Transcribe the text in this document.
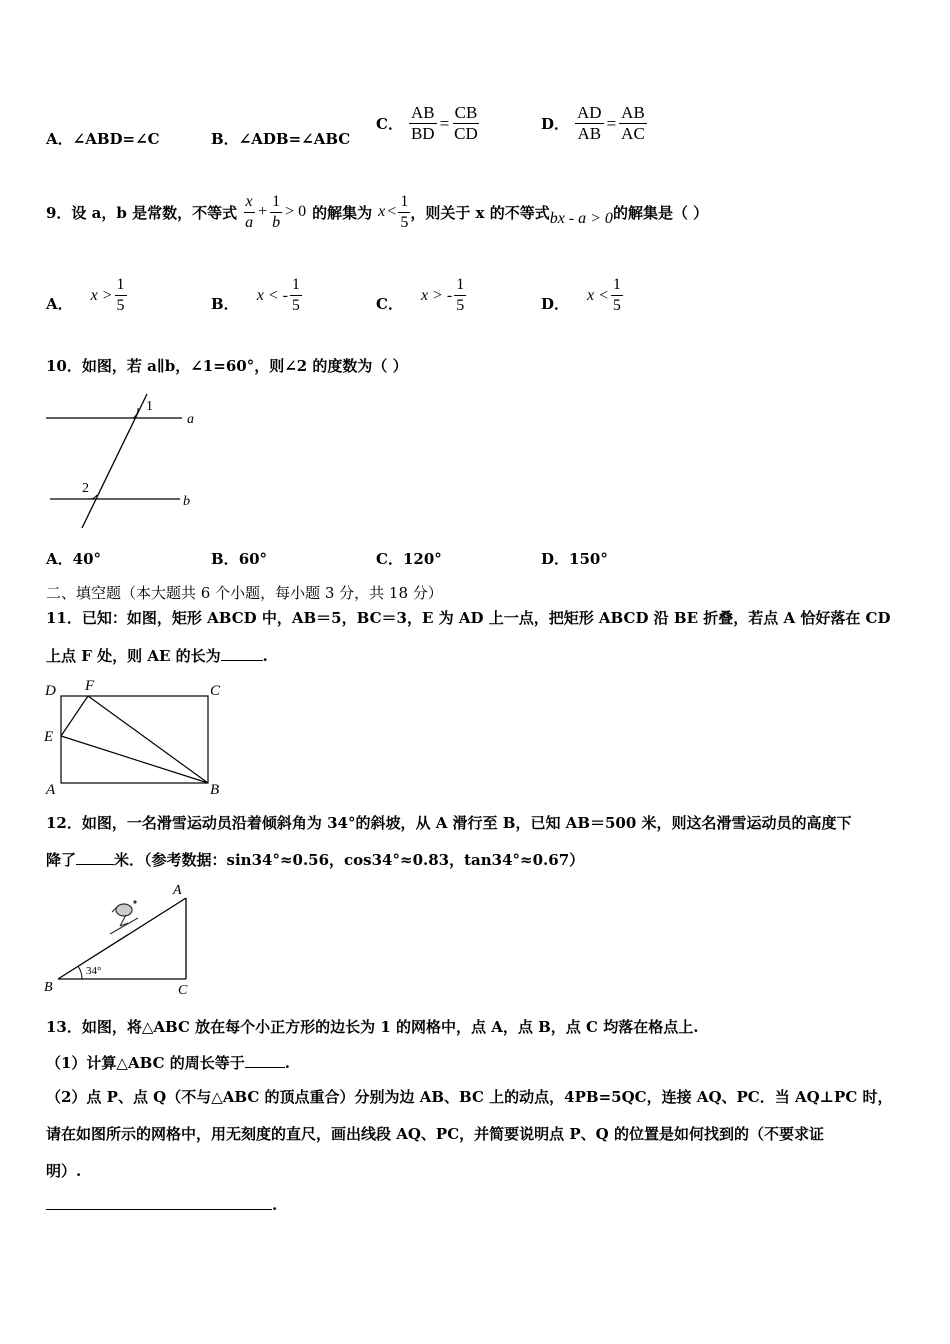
A．∠ABD=∠C	B．∠ADB=∠ABC
C． $\frac{AB}{BD} = \frac{CB}{CD}$	D． $\frac{AD}{AB} = \frac{AB}{AC}$
9．设 a，b 是常数，不等式 $\frac{x}{a} + \frac{1}{b} > 0$ 的解集为 $x < \frac{1}{5}$ ，则关于 x 的不等式 bx - a > 0 的解集是（ ）
A． $x > \frac{1}{5}$	B． x < - $\frac{1}{5}$	C． x > - $\frac{1}{5}$	D． $x < \frac{1}{5}$
10．如图，若 a∥b，∠1=60°，则∠2 的度数为（ ）
1
2
a
b
A．40°	B．60°	C．120°	D．150°
二、填空题（本大题共 6 个小题，每小题 3 分，共 18 分）
11．已知：如图，矩形 ABCD 中，AB＝5，BC＝3，E 为 AD 上一点，把矩形 ABCD 沿 BE 折叠，若点 A 恰好落在 CD
上点 F 处，则 AE 的长为	.
D F	C
E
A	B
12．如图，一名滑雪运动员沿着倾斜角为 34°的斜坡，从 A 滑行至 B，已知 AB＝500 米，则这名滑雪运动员的高度下
降了	米．（参考数据：sin34°≈0.56，cos34°≈0.83，tan34°≈0.67）
34°
A
B	C
13．如图，将△ABC 放在每个小正方形的边长为 1 的网格中，点 A，点 B，点 C 均落在格点上.
（1）计算△ABC 的周长等于	.
（2）点 P、点 Q（不与△ABC 的顶点重合）分别为边 AB、BC 上的动点，4PB=5QC，连接 AQ、PC．当 AQ⊥PC 时，
请在如图所示的网格中，用无刻度的直尺，画出线段 AQ、PC，并简要说明点 P、Q 的位置是如何找到的（不要求证
明）.
.
